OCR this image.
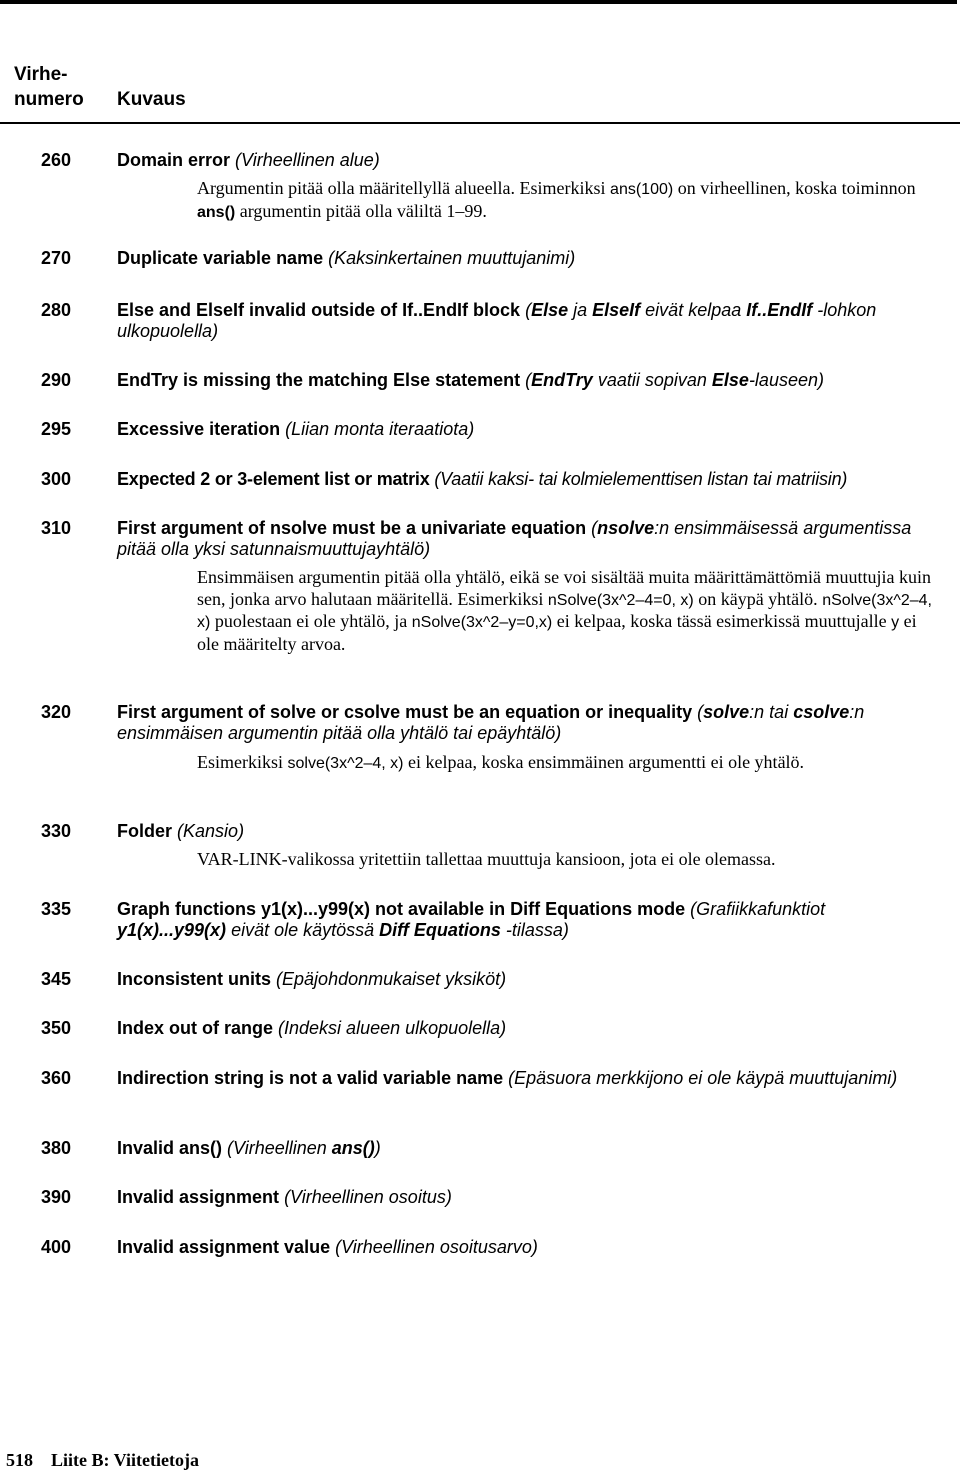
Virhe-
numero Kuvaus
260	Domain error (Virheellinen alue)
Argumentin pitää olla määritellyllä alueella. Esimerkiksi ans(100) on virheellinen, koska toiminnon ans() argumentin pitää olla väliltä 1–99.
270	Duplicate variable name (Kaksinkertainen muuttujanimi)
280	Else and ElseIf invalid outside of If..EndIf block (Else ja ElseIf eivät kelpaa If..EndIf -lohkon ulkopuolella)
290	EndTry is missing the matching Else statement (EndTry vaatii sopivan Else-lauseen)
295	Excessive iteration (Liian monta iteraatiota)
300	Expected 2 or 3-element list or matrix (Vaatii kaksi- tai kolmielementtisen listan tai matriisin)
310	First argument of nsolve must be a univariate equation (nsolve:n ensimmäisessä argumentissa pitää olla yksi satunnaismuuttujayhtälö)
Ensimmäisen argumentin pitää olla yhtälö, eikä se voi sisältää muita määrittämättömiä muuttujia kuin sen, jonka arvo halutaan määritellä. Esimerkiksi nSolve(3x^2–4=0, x) on käypä yhtälö. nSolve(3x^2–4, x) puolestaan ei ole yhtälö, ja nSolve(3x^2–y=0,x) ei kelpaa, koska tässä esimerkissä muuttujalle y ei ole määritelty arvoa.
320	First argument of solve or csolve must be an equation or inequality (solve:n tai csolve:n ensimmäisen argumentin pitää olla yhtälö tai epäyhtälö)
Esimerkiksi solve(3x^2–4, x) ei kelpaa, koska ensimmäinen argumentti ei ole yhtälö.
330	Folder (Kansio)
VAR-LINK-valikossa yritettiin tallettaa muuttuja kansioon, jota ei ole olemassa.
335	Graph functions y1(x)...y99(x) not available in Diff Equations mode (Grafiikkafunktiot y1(x)...y99(x) eivät ole käytössä Diff Equations -tilassa)
345	Inconsistent units (Epäjohdonmukaiset yksiköt)
350	Index out of range (Indeksi alueen ulkopuolella)
360	Indirection string is not a valid variable name (Epäsuora merkkijono ei ole käypä muuttujanimi)
380	Invalid ans() (Virheellinen ans())
390	Invalid assignment (Virheellinen osoitus)
400	Invalid assignment value (Virheellinen osoitusarvo)
518 Liite B: Viitetietoja
